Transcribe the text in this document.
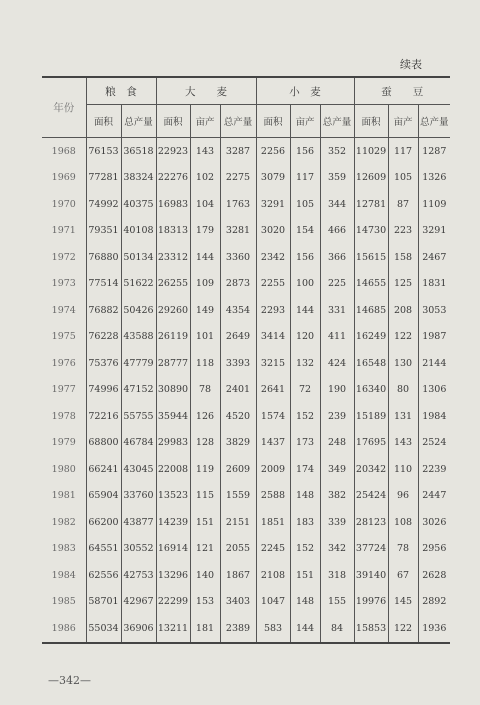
续表
年份	粮　食		大　　麦			小　麦			蚕　　豆		
	面积	总产量	面积	亩产	总产量	面积	亩产	总产量	面积	亩产	总产量
1968	76153	36518	22923	143	3287	2256	156	352	11029	117	1287
1969	77281	38324	22276	102	2275	3079	117	359	12609	105	1326
1970	74992	40375	16983	104	1763	3291	105	344	12781	87	1109
1971	79351	40108	18313	179	3281	3020	154	466	14730	223	3291
1972	76880	50134	23312	144	3360	2342	156	366	15615	158	2467
1973	77514	51622	26255	109	2873	2255	100	225	14655	125	1831
1974	76882	50426	29260	149	4354	2293	144	331	14685	208	3053
1975	76228	43588	26119	101	2649	3414	120	411	16249	122	1987
1976	75376	47779	28777	118	3393	3215	132	424	16548	130	2144
1977	74996	47152	30890	78	2401	2641	72	190	16340	80	1306
1978	72216	55755	35944	126	4520	1574	152	239	15189	131	1984
1979	68800	46784	29983	128	3829	1437	173	248	17695	143	2524
1980	66241	43045	22008	119	2609	2009	174	349	20342	110	2239
1981	65904	33760	13523	115	1559	2588	148	382	25424	96	2447
1982	66200	43877	14239	151	2151	1851	183	339	28123	108	3026
1983	64551	30552	16914	121	2055	2245	152	342	37724	78	2956
1984	62556	42753	13296	140	1867	2108	151	318	39140	67	2628
1985	58701	42967	22299	153	3403	1047	148	155	19976	145	2892
1986	55034	36906	13211	181	2389	583	144	84	15853	122	1936
—342—
